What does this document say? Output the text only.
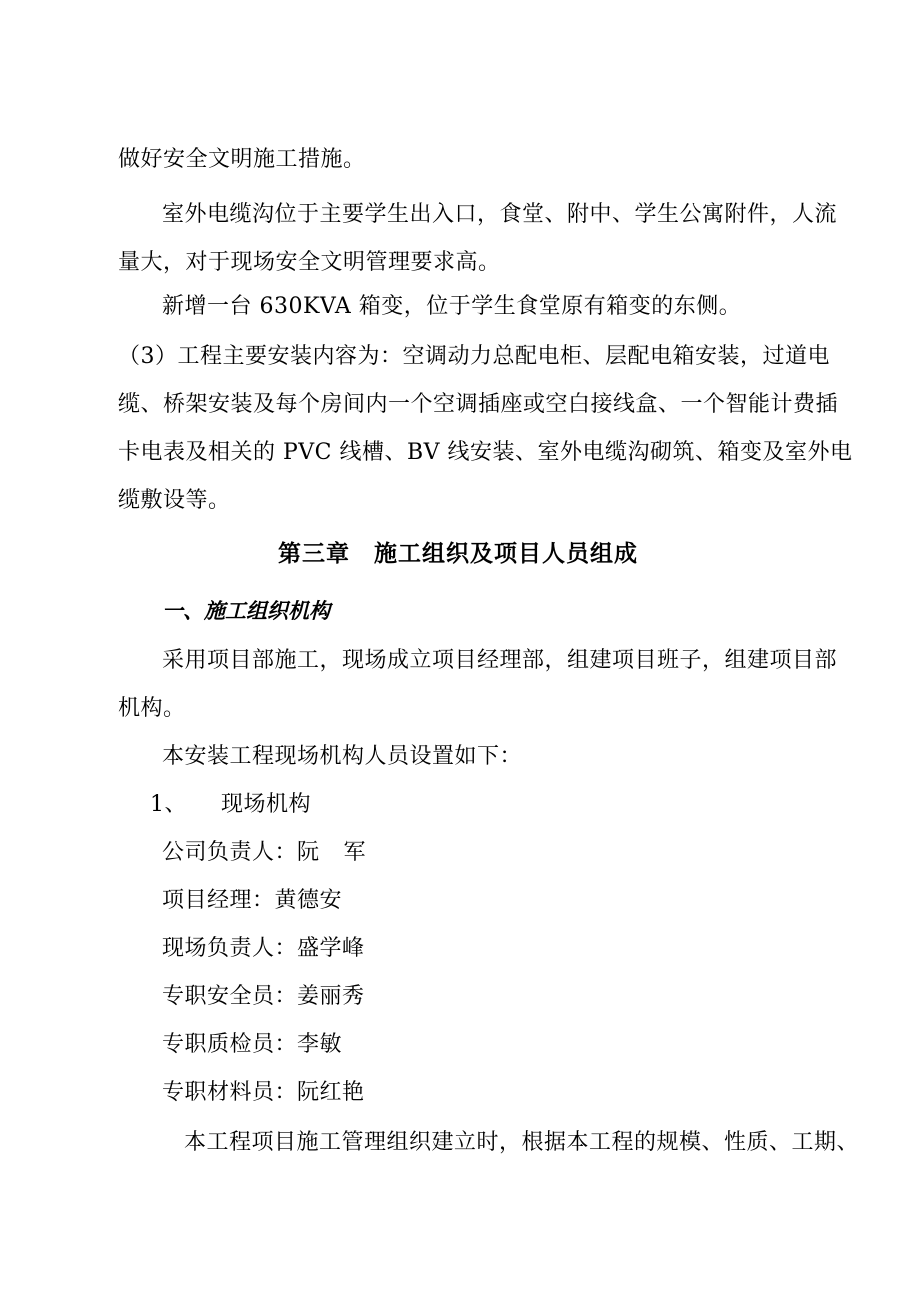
做好安全文明施工措施。
室外电缆沟位于主要学生出入口，食堂、附中、学生公寓附件，人流
量大，对于现场安全文明管理要求高。
新增一台 630KVA 箱变，位于学生食堂原有箱变的东侧。
（3）工程主要安装内容为：空调动力总配电柜、层配电箱安装，过道电
缆、桥架安装及每个房间内一个空调插座或空白接线盒、一个智能计费插
卡电表及相关的 PVC 线槽、BV 线安装、室外电缆沟砌筑、箱变及室外电
缆敷设等。
第三章 施工组织及项目人员组成
一、施工组织机构
采用项目部施工，现场成立项目经理部，组建项目班子，组建项目部
机构。
本安装工程现场机构人员设置如下：
1、 现场机构
公司负责人：阮 军
项目经理：黄德安
现场负责人：盛学峰
专职安全员：姜丽秀
专职质检员：李敏
专职材料员：阮红艳
本工程项目施工管理组织建立时，根据本工程的规模、性质、工期、
